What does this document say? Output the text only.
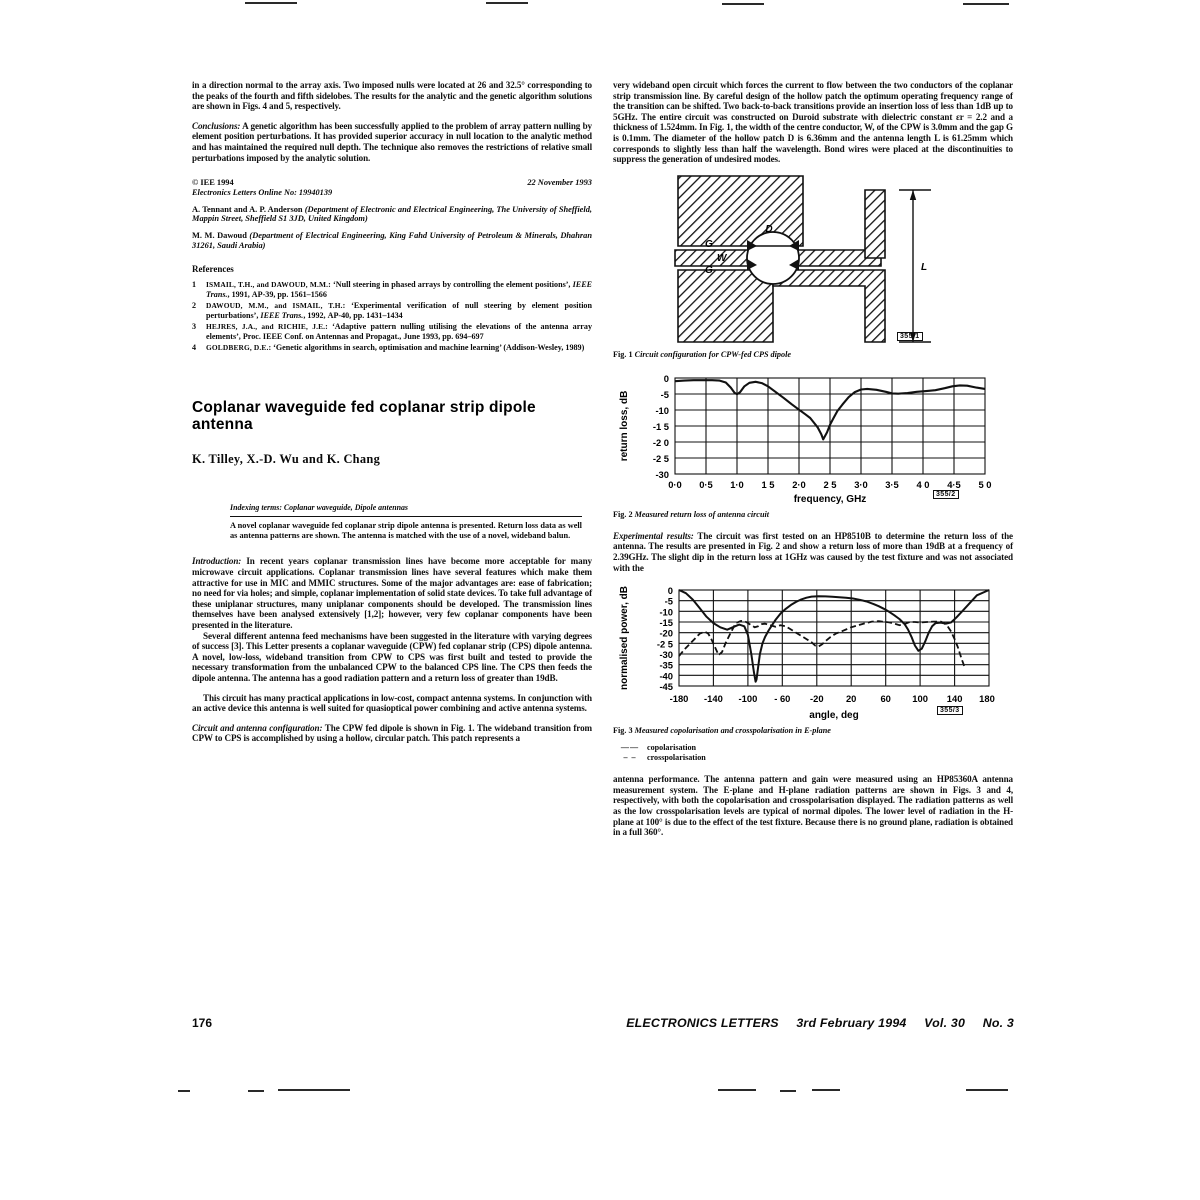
in a direction normal to the array axis. Two imposed nulls were located at 26 and 32.5° corresponding to the peaks of the fourth and fifth sidelobes. The results for the analytic and the genetic algorithm solutions are shown in Figs. 4 and 5, respectively.

Conclusions: A genetic algorithm has been successfully applied to the problem of array pattern nulling by element position perturbations. It has provided superior accuracy in null location to the analytic method and has maintained the required null depth. The technique also removes the restrictions of relative small perturbations imposed by the analytic solution.

© IEE 1994	22 November 1993
Electronics Letters Online No: 19940139
A. Tennant and A. P. Anderson (Department of Electronic and Electrical Engineering, The University of Sheffield, Mappin Street, Sheffield S1 3JD, United Kingdom)
M. M. Dawoud (Department of Electrical Engineering, King Fahd University of Petroleum & Minerals, Dhahran 31261, Saudi Arabia)
References
1	ISMAIL, T.H., and DAWOUD, M.M.: ‘Null steering in phased arrays by controlling the element positions’, IEEE Trans., 1991, AP-39, pp. 1561–1566
2	DAWOUD, M.M., and ISMAIL, T.H.: ‘Experimental verification of null steering by element position perturbations’, IEEE Trans., 1992, AP-40, pp. 1431–1434
3	HEJRES, J.A., and RICHIE, J.E.: ‘Adaptive pattern nulling utilising the elevations of the antenna array elements’, Proc. IEEE Conf. on Antennas and Propagat., June 1993, pp. 694–697
4	GOLDBERG, D.E.: ‘Genetic algorithms in search, optimisation and machine learning’ (Addison-Wesley, 1989)
Coplanar waveguide fed coplanar strip dipole antenna
K. Tilley, X.-D. Wu and K. Chang
Indexing terms: Coplanar waveguide, Dipole antennas
A novel coplanar waveguide fed coplanar strip dipole antenna is presented. Return loss data as well as antenna patterns are shown. The antenna is matched with the use of a novel, wideband balun.

Introduction: In recent years coplanar transmission lines have become more acceptable for many microwave circuit applications. Coplanar transmission lines have several features which make them attractive for use in MIC and MMIC structures. Some of the major advantages are: ease of fabrication; no need for via holes; and simple, coplanar implementation of solid state devices. To take full advantage of these uniplanar structures, many uniplanar components should be developed. The transmission lines themselves have been analysed extensively [1,2]; however, very few coplanar components have been presented in the literature.

Several different antenna feed mechanisms have been suggested in the literature with varying degrees of success [3]. This Letter presents a coplanar waveguide (CPW) fed coplanar strip (CPS) dipole antenna. A novel, low-loss, wideband transition from CPW to CPS was first built and tested to provide the necessary transformation from the unbalanced CPW to the balanced CPS line. The CPS then feeds the dipole antenna. The antenna has a good radiation pattern and a return loss of greater than 19dB.

This circuit has many practical applications in low-cost, compact antenna systems. In conjunction with an active device this antenna is well suited for quasioptical power combining and active antenna systems.

Circuit and antenna configuration: The CPW fed dipole is shown in Fig. 1. The wideband transition from CPW to CPS is accomplished by using a hollow, circular patch. This patch represents a

very wideband open circuit which forces the current to flow between the two conductors of the coplanar strip transmission line. By careful design of the hollow patch the optimum operating frequency range of the transition can be shifted. Two back-to-back transitions provide an insertion loss of less than 1dB up to 5GHz. The entire circuit was constructed on Duroid substrate with dielectric constant εr = 2.2 and a thickness of 1.524mm. In Fig. 1, the width of the centre conductor, W, of the CPW is 3.0mm and the gap G is 0.1mm. The diameter of the hollow patch D is 6.36mm and the antenna length L is 61.25mm which corresponds to slightly less than half the wavelength. Bond wires were placed at the discontinuities to suppress the generation of undesired modes.

D
G
W
G	L
355/1
Fig. 1 Circuit configuration for CPW-fed CPS dipole
return loss, dB
0
-5
-10
-1 5
-2 0
-2 5
-30
0·0 0·5 1·0 1 5 2·0 2 5 3·0 3·5 4 0 4·5 5 0
frequency, GHz	355/2
Fig. 2 Measured return loss of antenna circuit

Experimental results: The circuit was first tested on an HP8510B to determine the return loss of the antenna. The results are presented in Fig. 2 and show a return loss of more than 19dB at a frequency of 2.39GHz. The slight dip in the return loss at 1GHz was caused by the test fixture and was not associated with the

normalised power, dB	0
-5
-10
-15
-20
-2 5
-30
-35
-40
-45
-180 -140 -100 - 60 -20 20	60 100 140 180
angle, deg	355/3
Fig. 3 Measured copolarisation and crosspolarisation in E-plane
—— copolarisation
– –	crosspolarisation

antenna performance. The antenna pattern and gain were measured using an HP85360A antenna measurement system. The E-plane and H-plane radiation patterns are shown in Figs. 3 and 4, respectively, with both the copolarisation and crosspolarisation displayed. The radiation patterns as well as the low crosspolarisation levels are typical of normal dipoles. The lower level of radiation in the H-plane at 100° is due to the effect of the test fixture. Because there is no ground plane, radiation is obtained in a full 360°.

176	ELECTRONICS LETTERS 3rd February 1994 Vol. 30 No. 3
